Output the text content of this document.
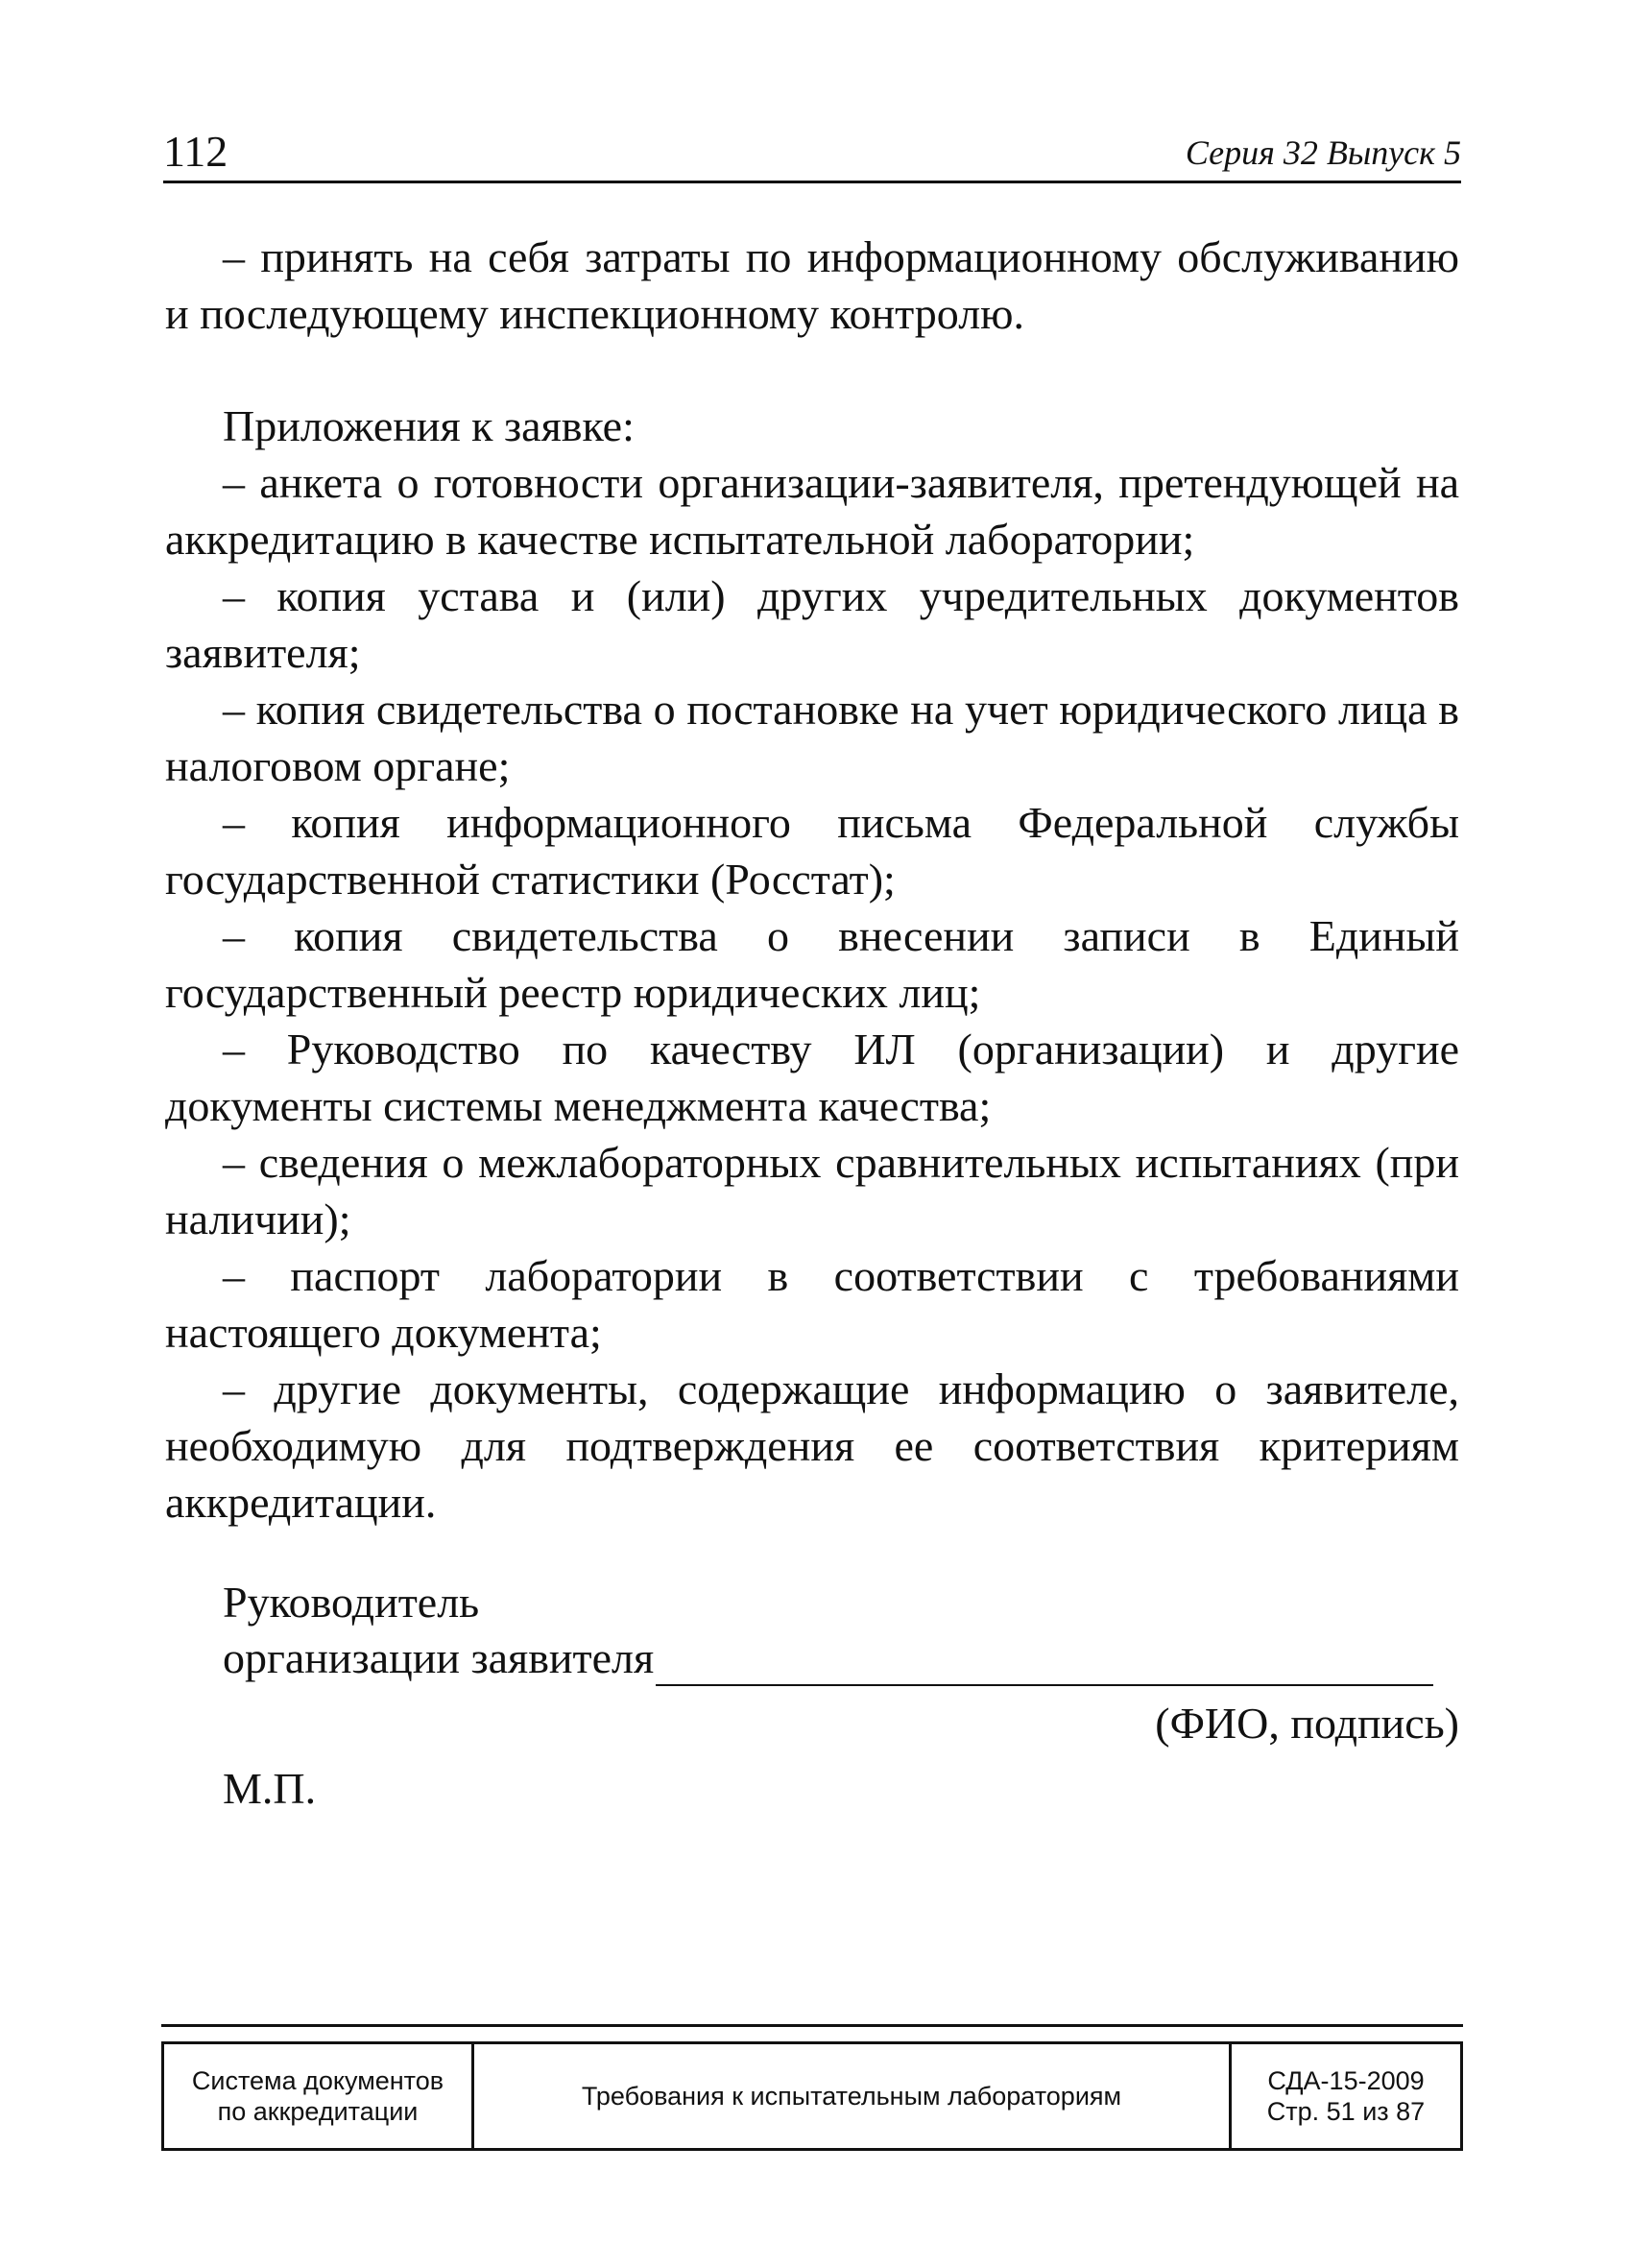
112	Серия 32 Выпуск 5

– принять на себя затраты по информационному обслуживанию и последующему инспекционному контролю.

Приложения к заявке:

– анкета о готовности организации-заявителя, претендующей на аккредитацию в качестве испытательной лаборатории;

– копия устава и (или) других учредительных документов заявителя;

– копия свидетельства о постановке на учет юридического лица в налоговом органе;

– копия информационного письма Федеральной службы государственной статистики (Росстат);

– копия свидетельства о внесении записи в Единый государственный реестр юридических лиц;

– Руководство по качеству ИЛ (организации) и другие документы системы менеджмента качества;

– сведения о межлабораторных сравнительных испытаниях (при наличии);

– паспорт лаборатории в соответствии с требованиями настоящего документа;

– другие документы, содержащие информацию о заявителе, необходимую для подтверждения ее соответствия критериям аккредитации.

Руководитель
организации заявителя
(ФИО, подпись)
М.П.
Система документов
по аккредитации
Требования к испытательным лабораториям
СДА-15-2009
Стр. 51 из 87
